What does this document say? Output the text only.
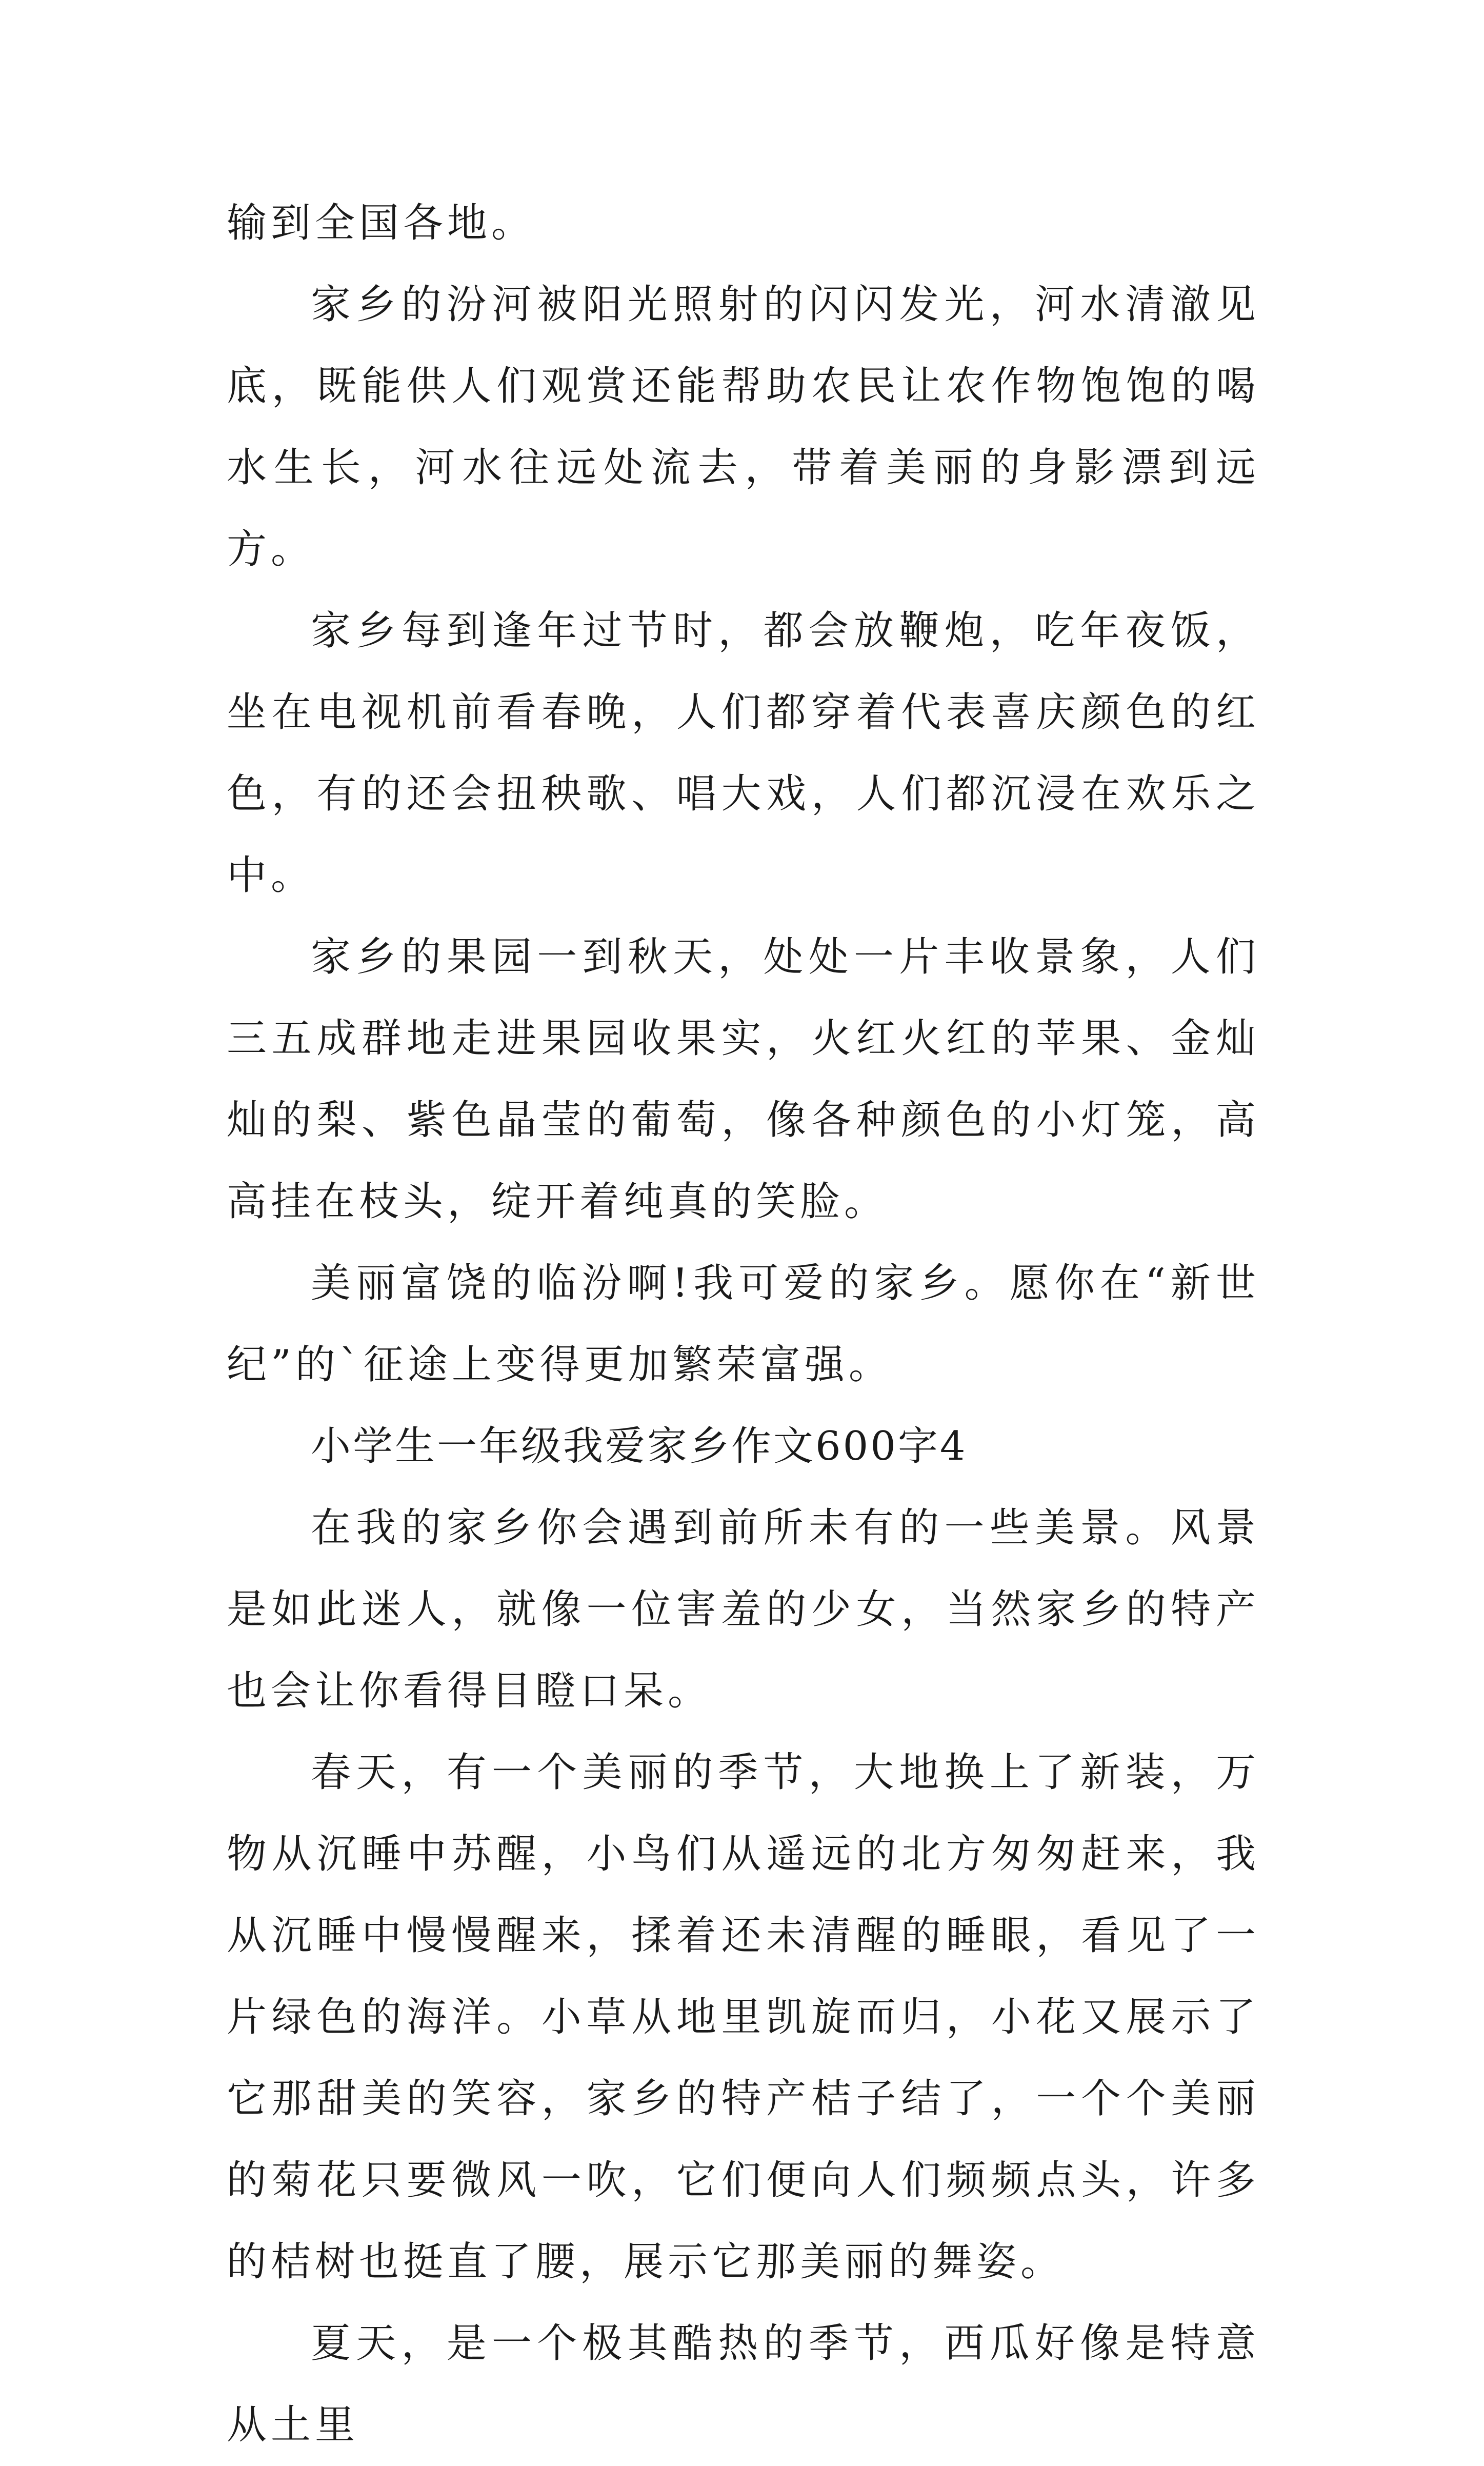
输到全国各地。

家乡的汾河被阳光照射的闪闪发光，河水清澈见底，既能供人们观赏还能帮助农民让农作物饱饱的喝水生长，河水往远处流去，带着美丽的身影漂到远方。

家乡每到逢年过节时，都会放鞭炮，吃年夜饭，坐在电视机前看春晚，人们都穿着代表喜庆颜色的红色，有的还会扭秧歌、唱大戏，人们都沉浸在欢乐之中。

家乡的果园一到秋天，处处一片丰收景象，人们三五成群地走进果园收果实，火红火红的苹果、金灿灿的梨、紫色晶莹的葡萄，像各种颜色的小灯笼，高高挂在枝头，绽开着纯真的笑脸。

美丽富饶的临汾啊!我可爱的家乡。愿你在“新世纪”的`征途上变得更加繁荣富强。

小学生一年级我爱家乡作文600字4

在我的家乡你会遇到前所未有的一些美景。风景是如此迷人，就像一位害羞的少女，当然家乡的特产也会让你看得目瞪口呆。

春天，有一个美丽的季节，大地换上了新装，万物从沉睡中苏醒，小鸟们从遥远的北方匆匆赶来，我从沉睡中慢慢醒来，揉着还未清醒的睡眼，看见了一片绿色的海洋。小草从地里凯旋而归，小花又展示了它那甜美的笑容，家乡的特产桔子结了，一个个美丽的菊花只要微风一吹，它们便向人们频频点头，许多的桔树也挺直了腰，展示它那美丽的舞姿。

夏天，是一个极其酷热的季节，西瓜好像是特意从土里
